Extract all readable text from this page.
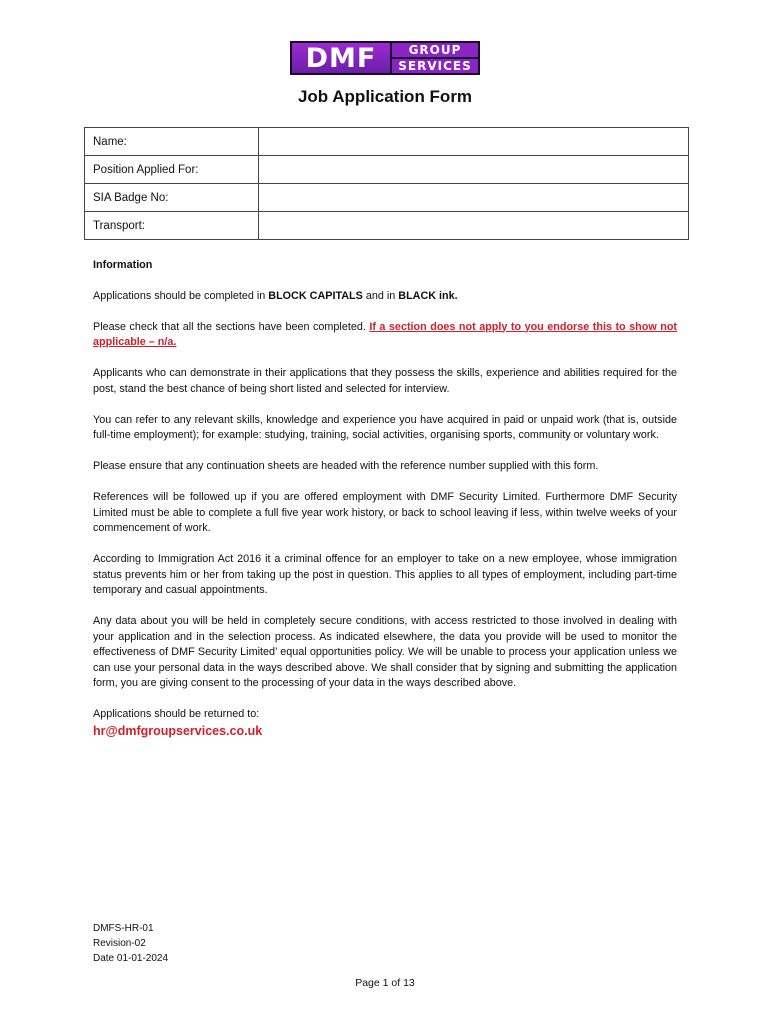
DMF	GROUP
SERVICES
Job Application Form
Name:	
Position Applied For:	
SIA Badge No:	
Transport:	

Information

Applications should be completed in BLOCK CAPITALS and in BLACK ink.

Please check that all the sections have been completed. If a section does not apply to you endorse this to show not applicable – n/a.

Applicants who can demonstrate in their applications that they possess the skills, experience and abilities required for the post, stand the best chance of being short listed and selected for interview.

You can refer to any relevant skills, knowledge and experience you have acquired in paid or unpaid work (that is, outside full-time employment); for example: studying, training, social activities, organising sports, community or voluntary work.

Please ensure that any continuation sheets are headed with the reference number supplied with this form.

References will be followed up if you are offered employment with DMF Security Limited. Furthermore DMF Security Limited must be able to complete a full five year work history, or back to school leaving if less, within twelve weeks of your commencement of work.

According to Immigration Act 2016 it a criminal offence for an employer to take on a new employee, whose immigration status prevents him or her from taking up the post in question. This applies to all types of employment, including part-time temporary and casual appointments.

Any data about you will be held in completely secure conditions, with access restricted to those involved in dealing with your application and in the selection process. As indicated elsewhere, the data you provide will be used to monitor the effectiveness of DMF Security Limited’ equal opportunities policy. We will be unable to process your application unless we can use your personal data in the ways described above. We shall consider that by signing and submitting the application form, you are giving consent to the processing of your data in the ways described above.

Applications should be returned to:
hr@dmfgroupservices.co.uk

DMFS-HR-01
Revision-02
Date 01-01-2024
Page 1 of 13
